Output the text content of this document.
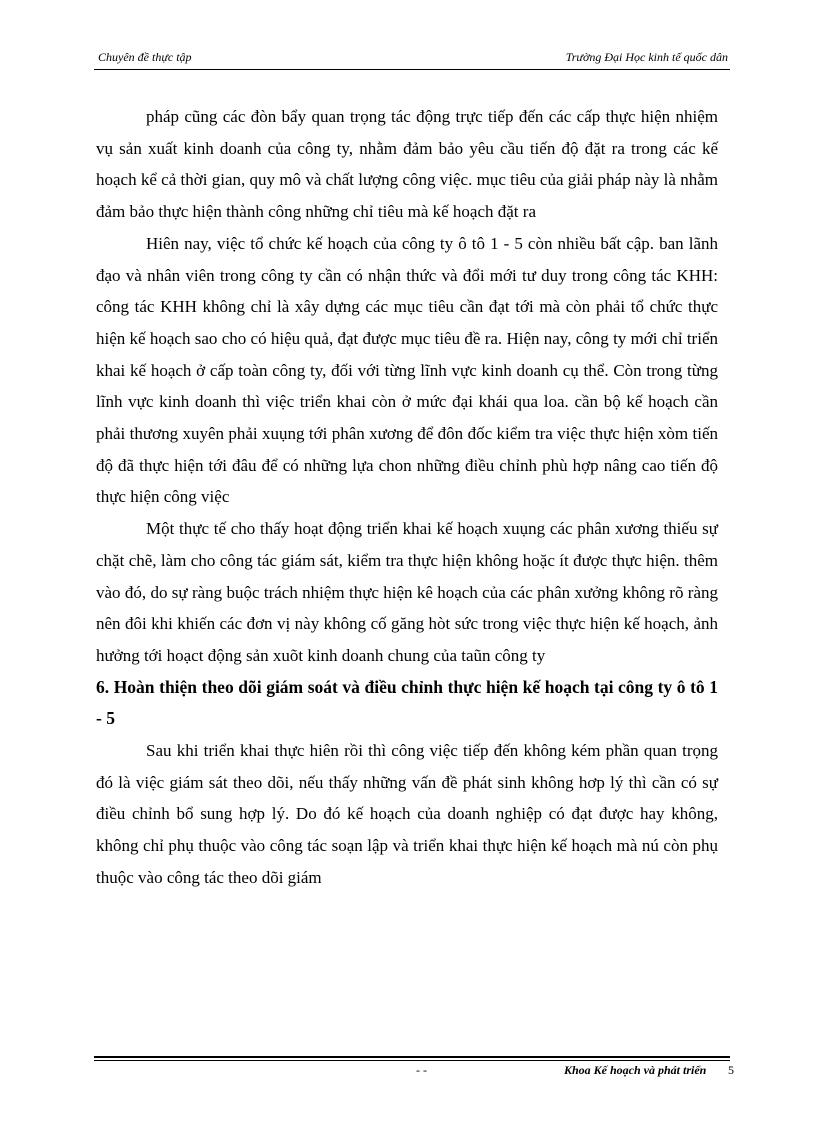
Chuyên đề thực tập	Trường Đại Học kinh tế quốc dân

pháp cũng các đòn bẩy quan trọng tác động trực tiếp đến các cấp thực hiện nhiệm vụ sản xuất kinh doanh của công ty, nhằm đảm bảo yêu cầu tiến độ đặt ra trong các kế hoạch kể cả thời gian, quy mô và chất lượng công việc. mục tiêu của giải pháp này là nhằm đảm bảo thực hiện thành công những chỉ tiêu mà kế hoạch đặt ra

Hiên nay, việc tổ chức kế hoạch của công ty ô tô 1 - 5 còn nhiều bất cập. ban lãnh đạo và nhân viên trong công ty cần có nhận thức và đổi mới tư duy trong công tác KHH: công tác KHH không chỉ là xây dựng các mục tiêu cần đạt tới mà còn phải tổ chức thực hiện kế hoạch sao cho có hiệu quả, đạt được mục tiêu đề ra. Hiện nay, công ty mới chỉ triển khai kế hoạch ở cấp toàn công ty, đối với từng lĩnh vực kinh doanh cụ thể. Còn trong từng lĩnh vực kinh doanh thì việc triển khai còn ở mức đại khái qua loa. cần bộ kế hoạch cần phải thương xuyên phải xuụng tới phân xương để đôn đốc kiểm tra việc thực hiện xòm tiến độ đã thực hiện tới đâu để có những lựa chon những điều chỉnh phù hợp nâng cao tiến độ thực hiện công việc

Một thực tế cho thấy hoạt động triển khai kế hoạch xuụng các phân xương thiếu sự chặt chẽ, làm cho công tác giám sát, kiểm tra thực hiện không hoặc ít được thực hiện. thêm vào đó, do sự ràng buộc trách nhiệm thực hiện kê hoạch của các phân xưởng không rõ ràng nên đôi khi khiến các đơn vị này không cố găng hòt sức trong việc thực hiện kế hoạch, ảnh hưởng tới hoạct động sản xuõt kinh doanh chung của taũn công ty

6. Hoàn thiện theo dõi giám soát và điều chỉnh thực hiện kế hoạch tại công ty ô tô 1 - 5

Sau khi triển khai thực hiên rồi thì công việc tiếp đến không kém phần quan trọng đó là việc giám sát theo dõi, nếu thấy những vấn đề phát sinh không hơp lý thì cần có sự điều chỉnh bổ sung hợp lý. Do đó kế hoạch của doanh nghiệp có đạt được hay không, không chỉ phụ thuộc vào công tác soạn lập và triển khai thực hiện kế hoạch mà nú còn phụ thuộc vào công tác theo dõi giám

- -	Khoa Kế hoạch và phát triển 5
